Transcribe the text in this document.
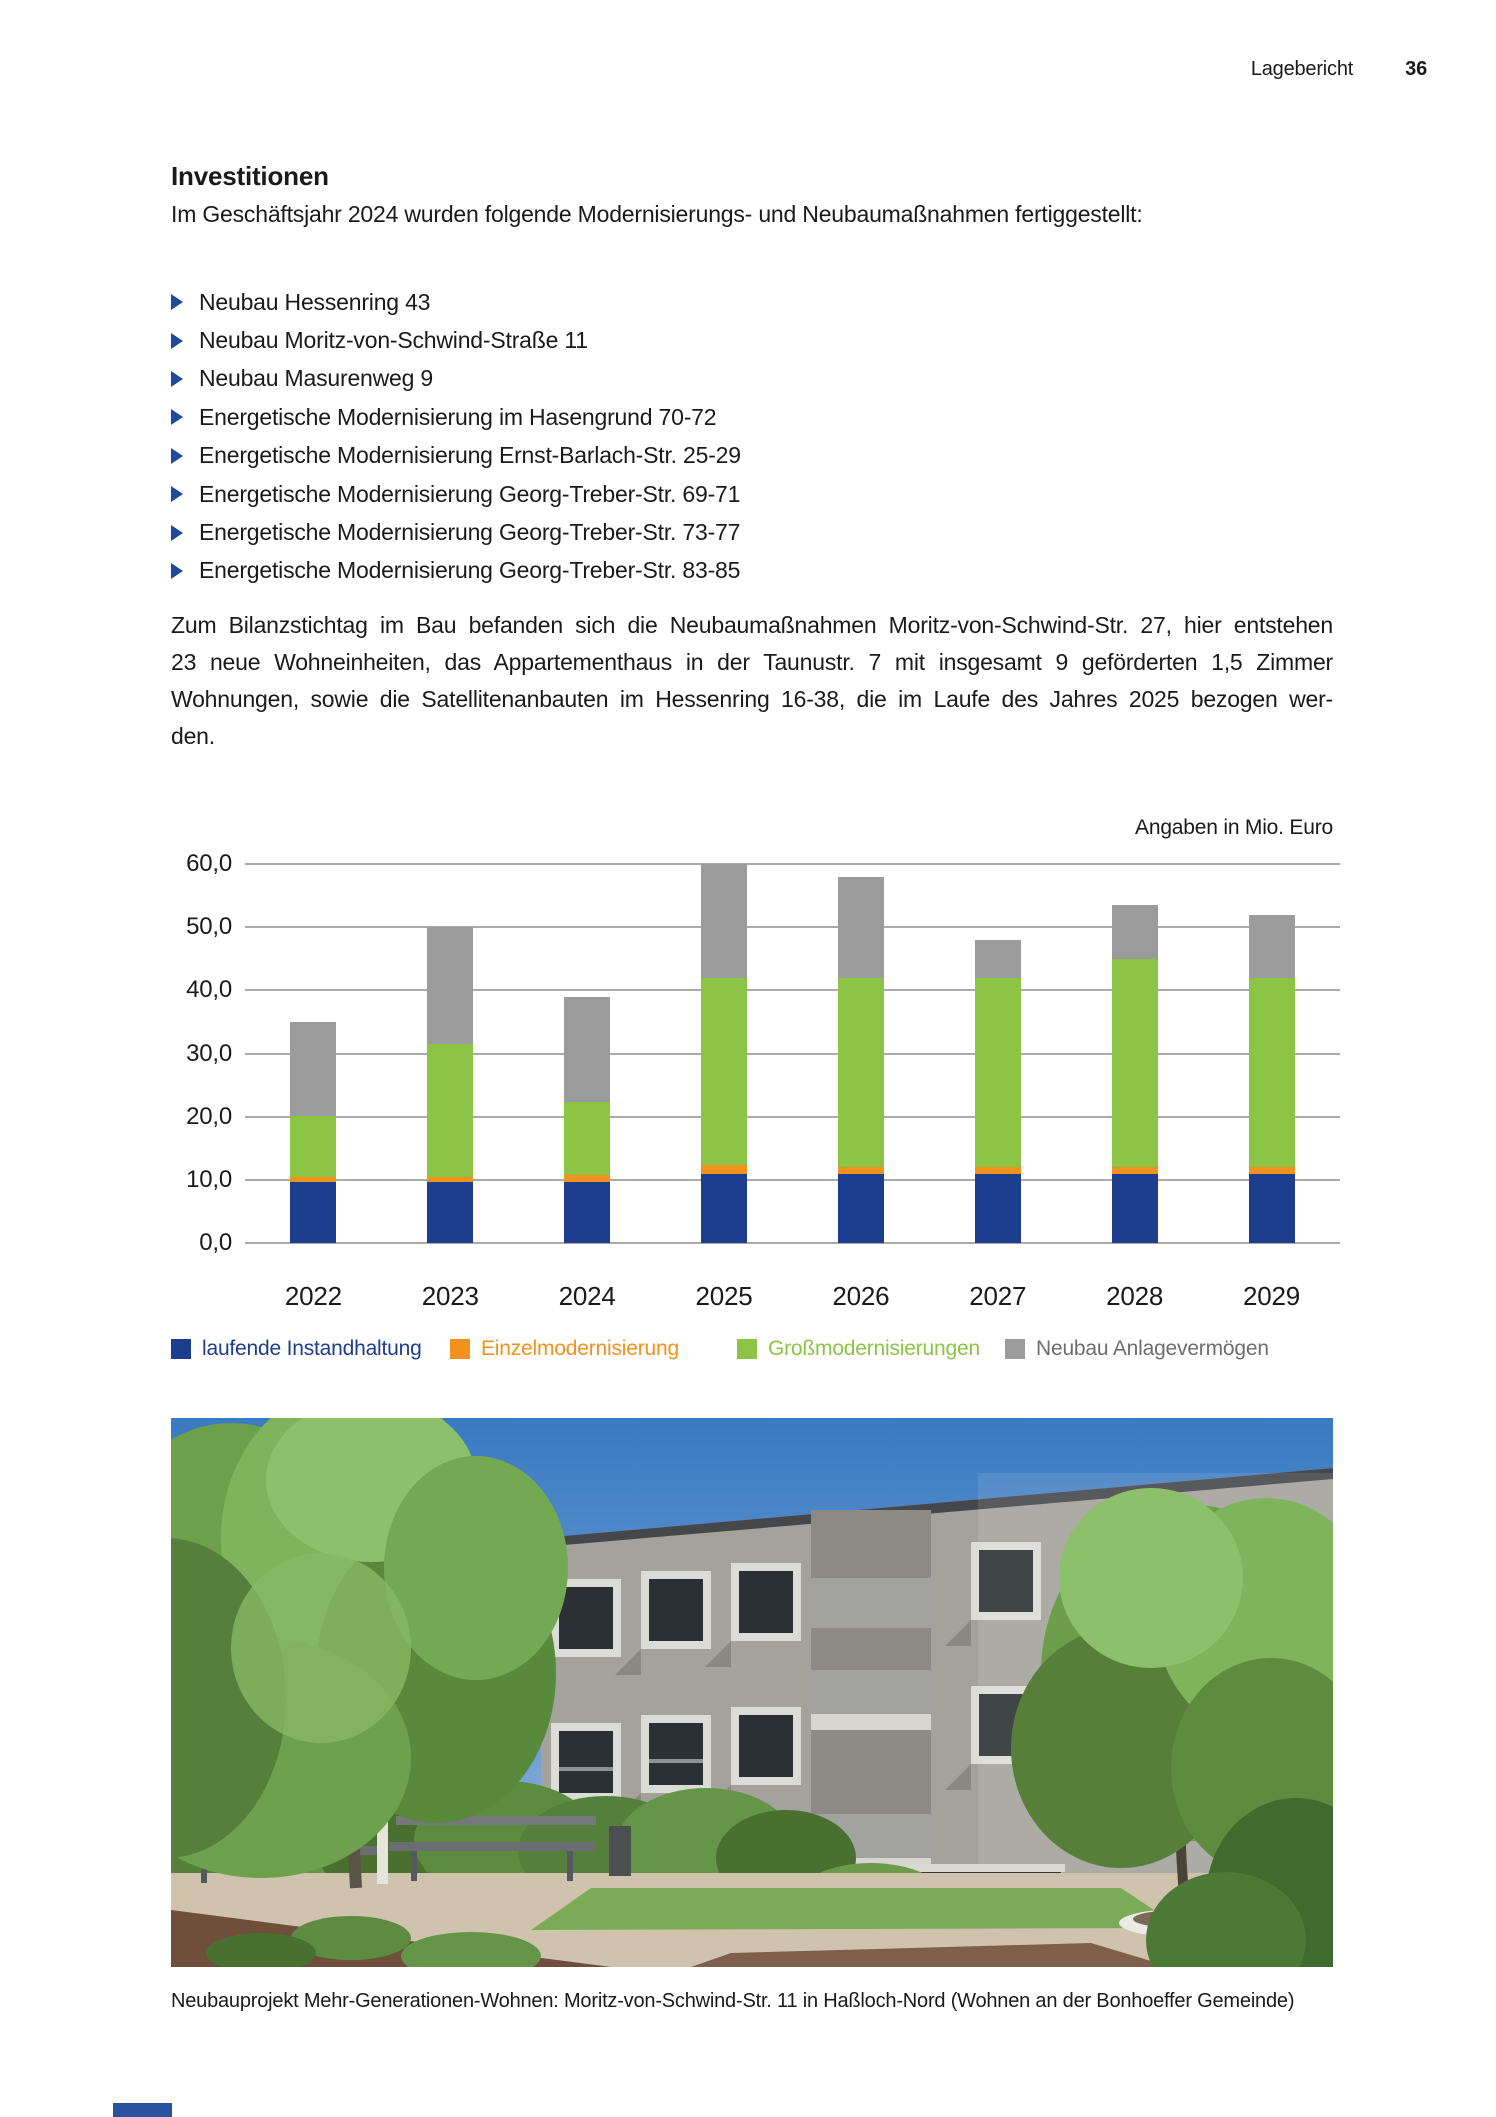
Lagebericht	36
Investitionen
Im Geschäftsjahr 2024 wurden folgende Modernisierungs- und Neubaumaßnahmen fertiggestellt:
Neubau Hessenring 43
Neubau Moritz-von-Schwind-Straße 11
Neubau Masurenweg 9
Energetische Modernisierung im Hasengrund 70-72
Energetische Modernisierung Ernst-Barlach-Str. 25-29
Energetische Modernisierung Georg-Treber-Str. 69-71
Energetische Modernisierung Georg-Treber-Str. 73-77
Energetische Modernisierung Georg-Treber-Str. 83-85
Zum Bilanzstichtag im Bau befanden sich die Neubaumaßnahmen Moritz-von-Schwind-Str. 27, hier entstehen
23 neue Wohneinheiten, das Appartementhaus in der Taunustr. 7 mit insgesamt 9 geförderten 1,5 Zimmer
Wohnungen, sowie die Satellitenanbauten im Hessenring 16-38, die im Laufe des Jahres 2025 bezogen wer-
den.
Angaben in Mio. Euro
0,0
10,0
20,0
30,0
40,0
50,0
60,0
2022	2023	2024	2025	2026	2027	2028	2029
laufende Instandhaltung	Einzelmodernisierung	Großmodernisierungen	Neubau Anlagevermögen
Neubauprojekt Mehr-Generationen-Wohnen: Moritz-von-Schwind-Str. 11 in Haßloch-Nord (Wohnen an der Bonhoeffer Gemeinde)
